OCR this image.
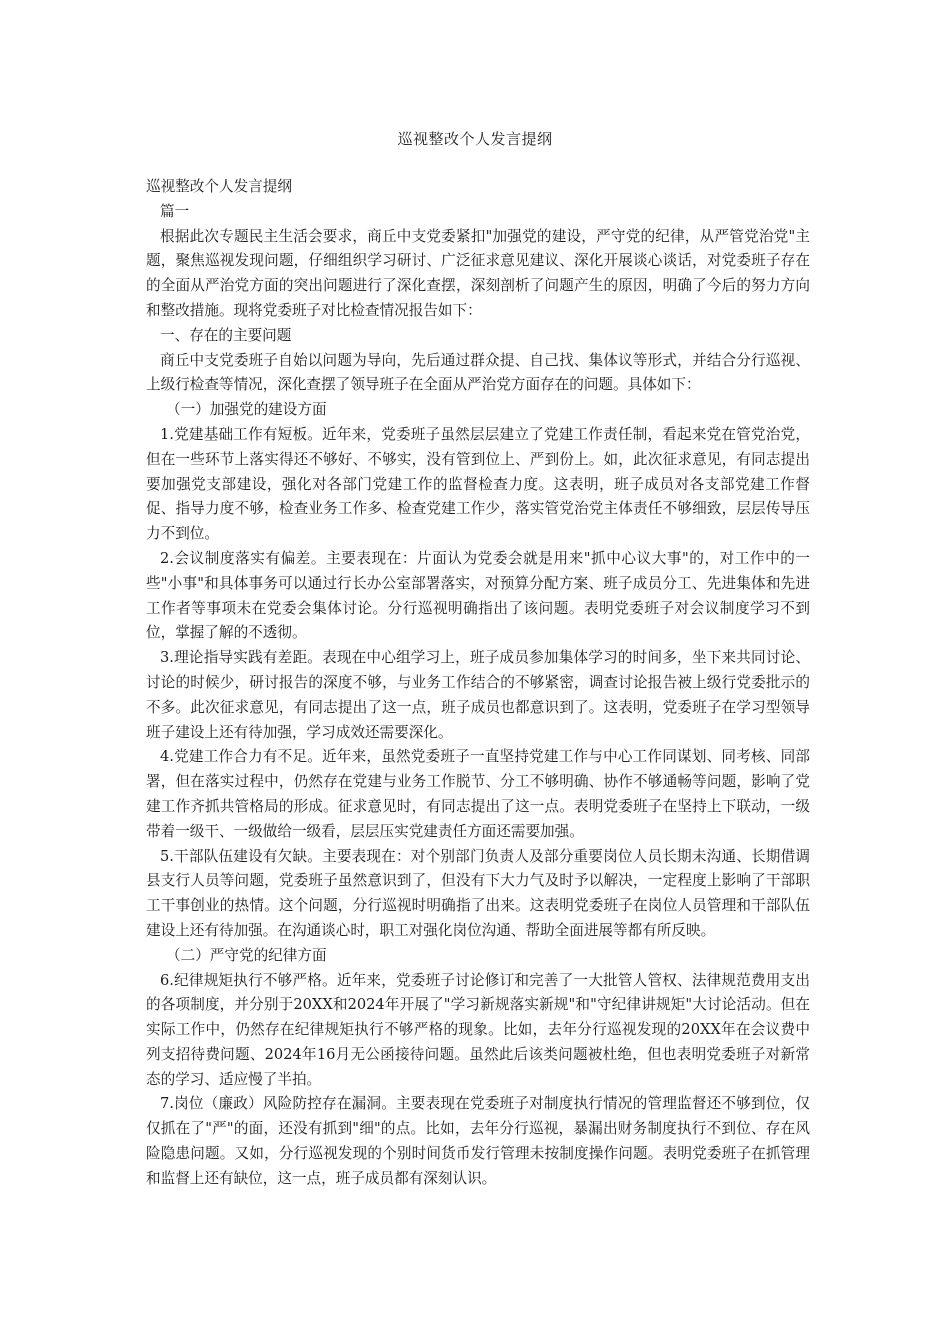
巡视整改个人发言提纲

巡视整改个人发言提纲

篇一

根据此次专题民主生活会要求，商丘中支党委紧扣"加强党的建设，严守党的纪律，从严管党治党"主题，聚焦巡视发现问题，仔细组织学习研讨、广泛征求意见建议、深化开展谈心谈话，对党委班子存在的全面从严治党方面的突出问题进行了深化查摆，深刻剖析了问题产生的原因，明确了今后的努力方向和整改措施。现将党委班子对比检查情况报告如下：

一、存在的主要问题

商丘中支党委班子自始以问题为导向，先后通过群众提、自己找、集体议等形式，并结合分行巡视、上级行检查等情况，深化查摆了领导班子在全面从严治党方面存在的问题。具体如下：

（一）加强党的建设方面

1.党建基础工作有短板。近年来，党委班子虽然层层建立了党建工作责任制，看起来党在管党治党，但在一些环节上落实得还不够好、不够实，没有管到位上、严到份上。如，此次征求意见，有同志提出要加强党支部建设，强化对各部门党建工作的监督检查力度。这表明，班子成员对各支部党建工作督促、指导力度不够，检查业务工作多、检查党建工作少，落实管党治党主体责任不够细致，层层传导压力不到位。

2.会议制度落实有偏差。主要表现在：片面认为党委会就是用来"抓中心议大事"的，对工作中的一些"小事"和具体事务可以通过行长办公室部署落实，对预算分配方案、班子成员分工、先进集体和先进工作者等事项未在党委会集体讨论。分行巡视明确指出了该问题。表明党委班子对会议制度学习不到位，掌握了解的不透彻。

3.理论指导实践有差距。表现在中心组学习上，班子成员参加集体学习的时间多，坐下来共同讨论、讨论的时候少，研讨报告的深度不够，与业务工作结合的不够紧密，调查讨论报告被上级行党委批示的不多。此次征求意见，有同志提出了这一点，班子成员也都意识到了。这表明，党委班子在学习型领导班子建设上还有待加强，学习成效还需要深化。

4.党建工作合力有不足。近年来，虽然党委班子一直坚持党建工作与中心工作同谋划、同考核、同部署，但在落实过程中，仍然存在党建与业务工作脱节、分工不够明确、协作不够通畅等问题，影响了党建工作齐抓共管格局的形成。征求意见时，有同志提出了这一点。表明党委班子在坚持上下联动，一级带着一级干、一级做给一级看，层层压实党建责任方面还需要加强。

5.干部队伍建设有欠缺。主要表现在：对个别部门负责人及部分重要岗位人员长期未沟通、长期借调县支行人员等问题，党委班子虽然意识到了，但没有下大力气及时予以解决，一定程度上影响了干部职工干事创业的热情。这个问题，分行巡视时明确指了出来。这表明党委班子在岗位人员管理和干部队伍建设上还有待加强。在沟通谈心时，职工对强化岗位沟通、帮助全面进展等都有所反映。

（二）严守党的纪律方面

6.纪律规矩执行不够严格。近年来，党委班子讨论修订和完善了一大批管人管权、法律规范费用支出的各项制度，并分别于20XX和2024年开展了"学习新规落实新规"和"守纪律讲规矩"大讨论活动。但在实际工作中，仍然存在纪律规矩执行不够严格的现象。比如，去年分行巡视发现的20XX年在会议费中列支招待费问题、2024年16月无公函接待问题。虽然此后该类问题被杜绝，但也表明党委班子对新常态的学习、适应慢了半拍。

7.岗位（廉政）风险防控存在漏洞。主要表现在党委班子对制度执行情况的管理监督还不够到位，仅仅抓在了"严"的面，还没有抓到"细"的点。比如，去年分行巡视，暴漏出财务制度执行不到位、存在风险隐患问题。又如，分行巡视发现的个别时间货币发行管理未按制度操作问题。表明党委班子在抓管理和监督上还有缺位，这一点，班子成员都有深刻认识。
